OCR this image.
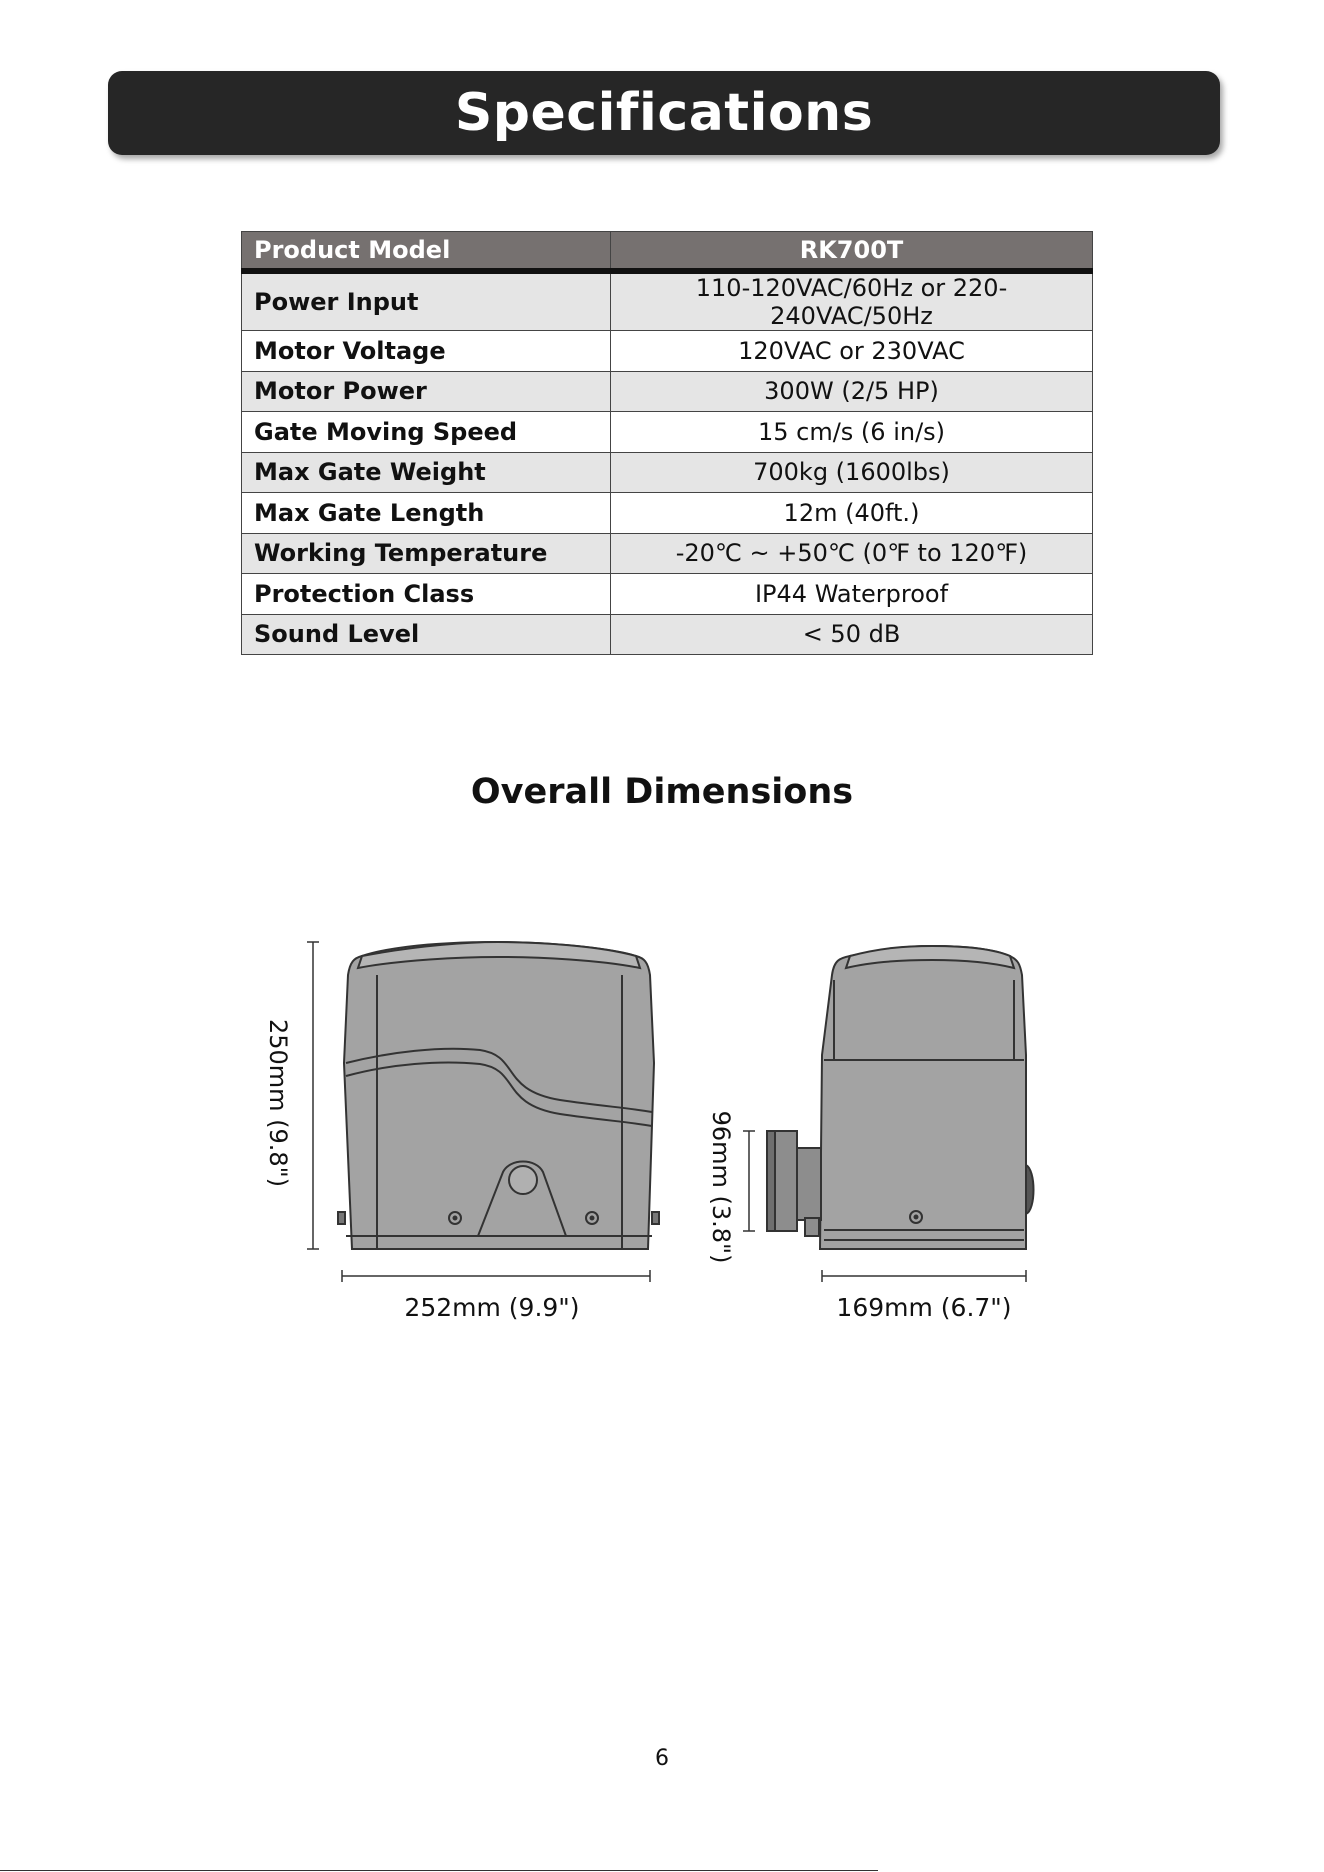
Specifications
Product Model	RK700T
Power Input	110-120VAC/60Hz or 220-240VAC/50Hz
Motor Voltage	120VAC or 230VAC
Motor Power	300W (2/5 HP)
Gate Moving Speed	15 cm/s (6 in/s)
Max Gate Weight	700kg (1600lbs)
Max Gate Length	12m (40ft.)
Working Temperature	-20℃ ~ +50℃ (0℉ to 120℉)
Protection Class	IP44 Waterproof
Sound Level	< 50 dB
Overall Dimensions
250mm (9.8")
252mm (9.9")
96mm (3.8")
169mm (6.7")
6
